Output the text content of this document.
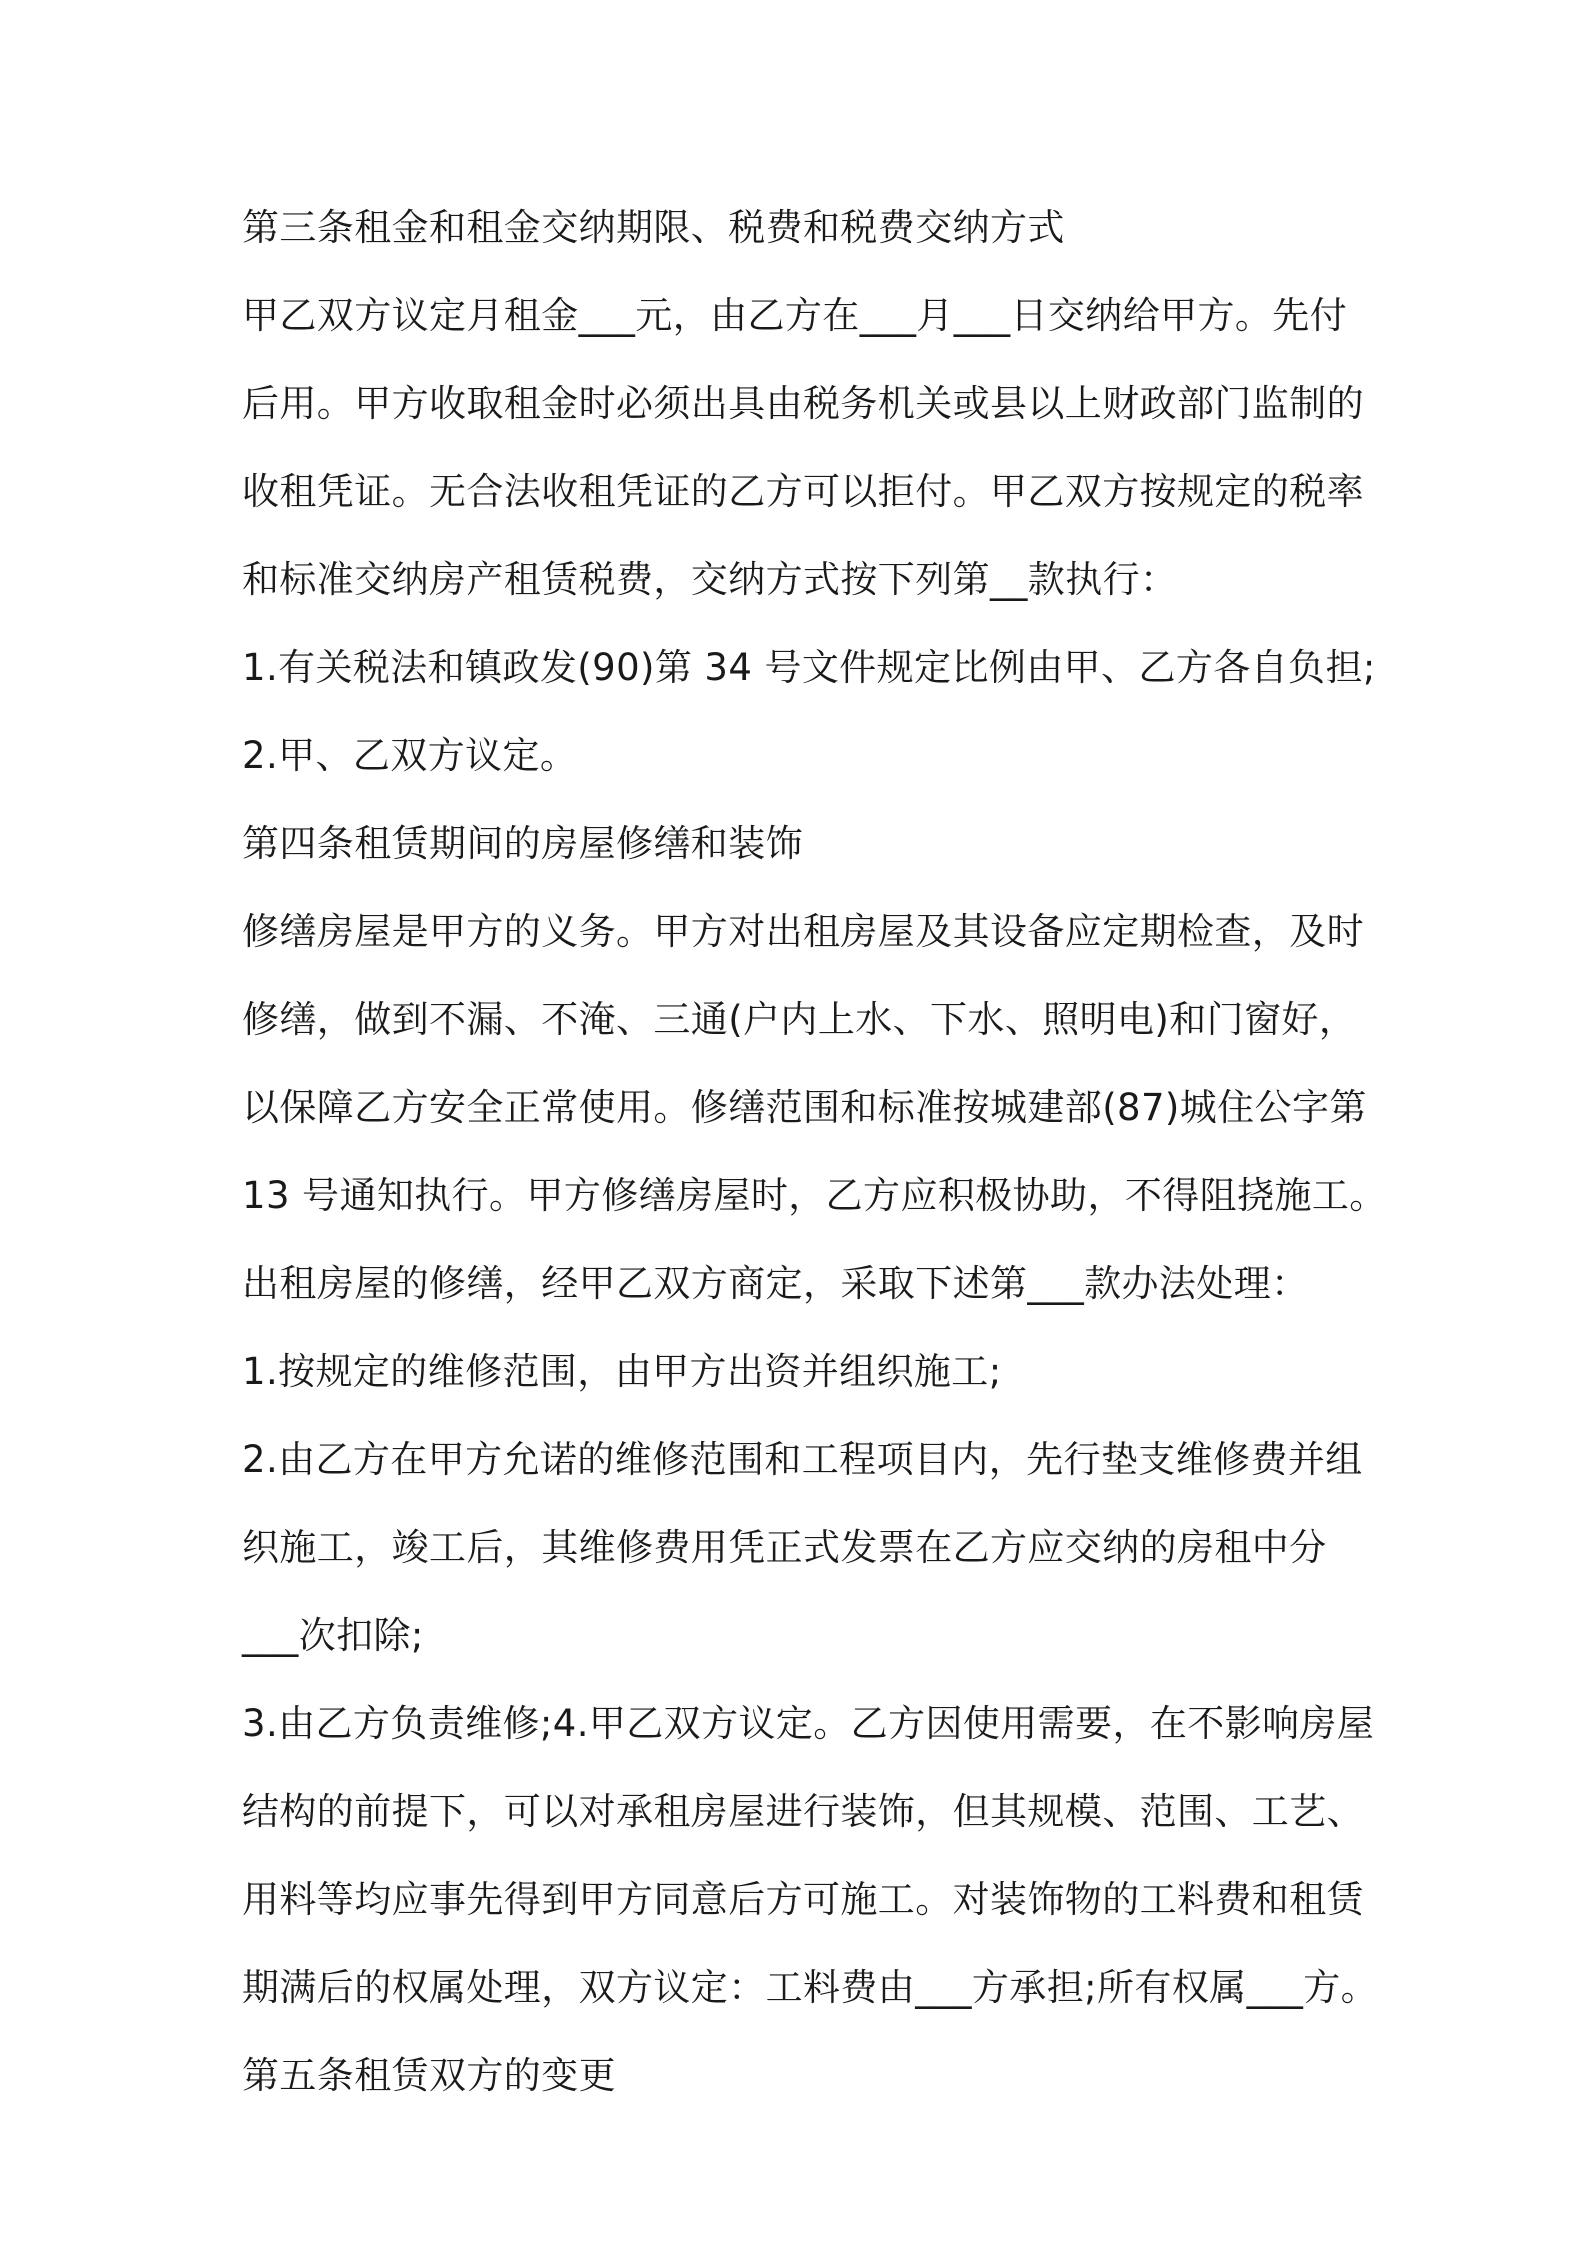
第三条租金和租金交纳期限、税费和税费交纳方式
甲乙双方议定月租金___元，由乙方在___月___日交纳给甲方。先付
后用。甲方收取租金时必须出具由税务机关或县以上财政部门监制的
收租凭证。无合法收租凭证的乙方可以拒付。甲乙双方按规定的税率
和标准交纳房产租赁税费，交纳方式按下列第__款执行：
1.有关税法和镇政发(90)第 34 号文件规定比例由甲、乙方各自负担;
2.甲、乙双方议定。
第四条租赁期间的房屋修缮和装饰
修缮房屋是甲方的义务。甲方对出租房屋及其设备应定期检查，及时
修缮，做到不漏、不淹、三通(户内上水、下水、照明电)和门窗好，
以保障乙方安全正常使用。修缮范围和标准按城建部(87)城住公字第
13 号通知执行。甲方修缮房屋时，乙方应积极协助，不得阻挠施工。
出租房屋的修缮，经甲乙双方商定，采取下述第___款办法处理：
1.按规定的维修范围，由甲方出资并组织施工;
2.由乙方在甲方允诺的维修范围和工程项目内，先行垫支维修费并组
织施工，竣工后，其维修费用凭正式发票在乙方应交纳的房租中分
___次扣除;
3.由乙方负责维修;4.甲乙双方议定。乙方因使用需要，在不影响房屋
结构的前提下，可以对承租房屋进行装饰，但其规模、范围、工艺、
用料等均应事先得到甲方同意后方可施工。对装饰物的工料费和租赁
期满后的权属处理，双方议定：工料费由___方承担;所有权属___方。
第五条租赁双方的变更
